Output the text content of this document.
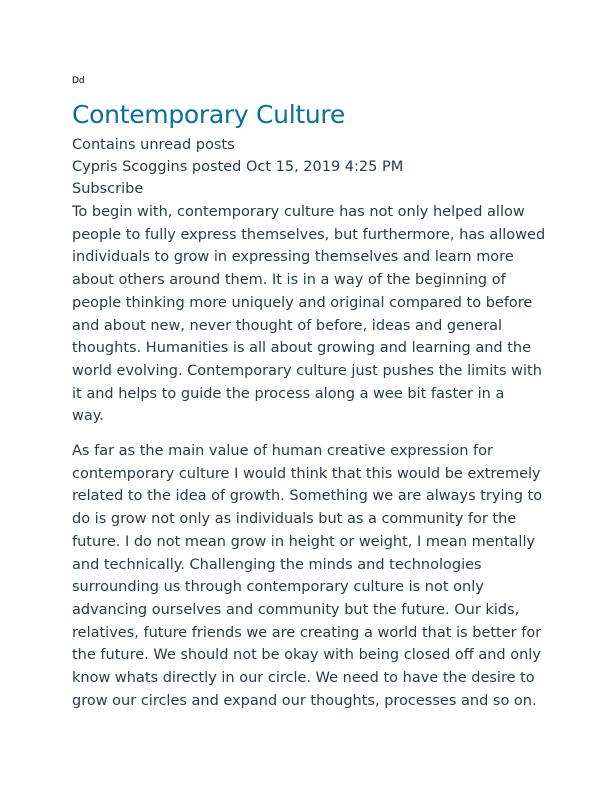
Dd
Contemporary Culture
Contains unread posts
Cypris Scoggins posted Oct 15, 2019 4:25 PM
Subscribe

To begin with, contemporary culture has not only helped allow
people to fully express themselves, but furthermore, has allowed
individuals to grow in expressing themselves and learn more
about others around them. It is in a way of the beginning of
people thinking more uniquely and original compared to before
and about new, never thought of before, ideas and general
thoughts. Humanities is all about growing and learning and the
world evolving. Contemporary culture just pushes the limits with
it and helps to guide the process along a wee bit faster in a
way.

As far as the main value of human creative expression for
contemporary culture I would think that this would be extremely
related to the idea of growth. Something we are always trying to
do is grow not only as individuals but as a community for the
future. I do not mean grow in height or weight, I mean mentally
and technically. Challenging the minds and technologies
surrounding us through contemporary culture is not only
advancing ourselves and community but the future. Our kids,
relatives, future friends we are creating a world that is better for
the future. We should not be okay with being closed off and only
know whats directly in our circle. We need to have the desire to
grow our circles and expand our thoughts, processes and so on.
